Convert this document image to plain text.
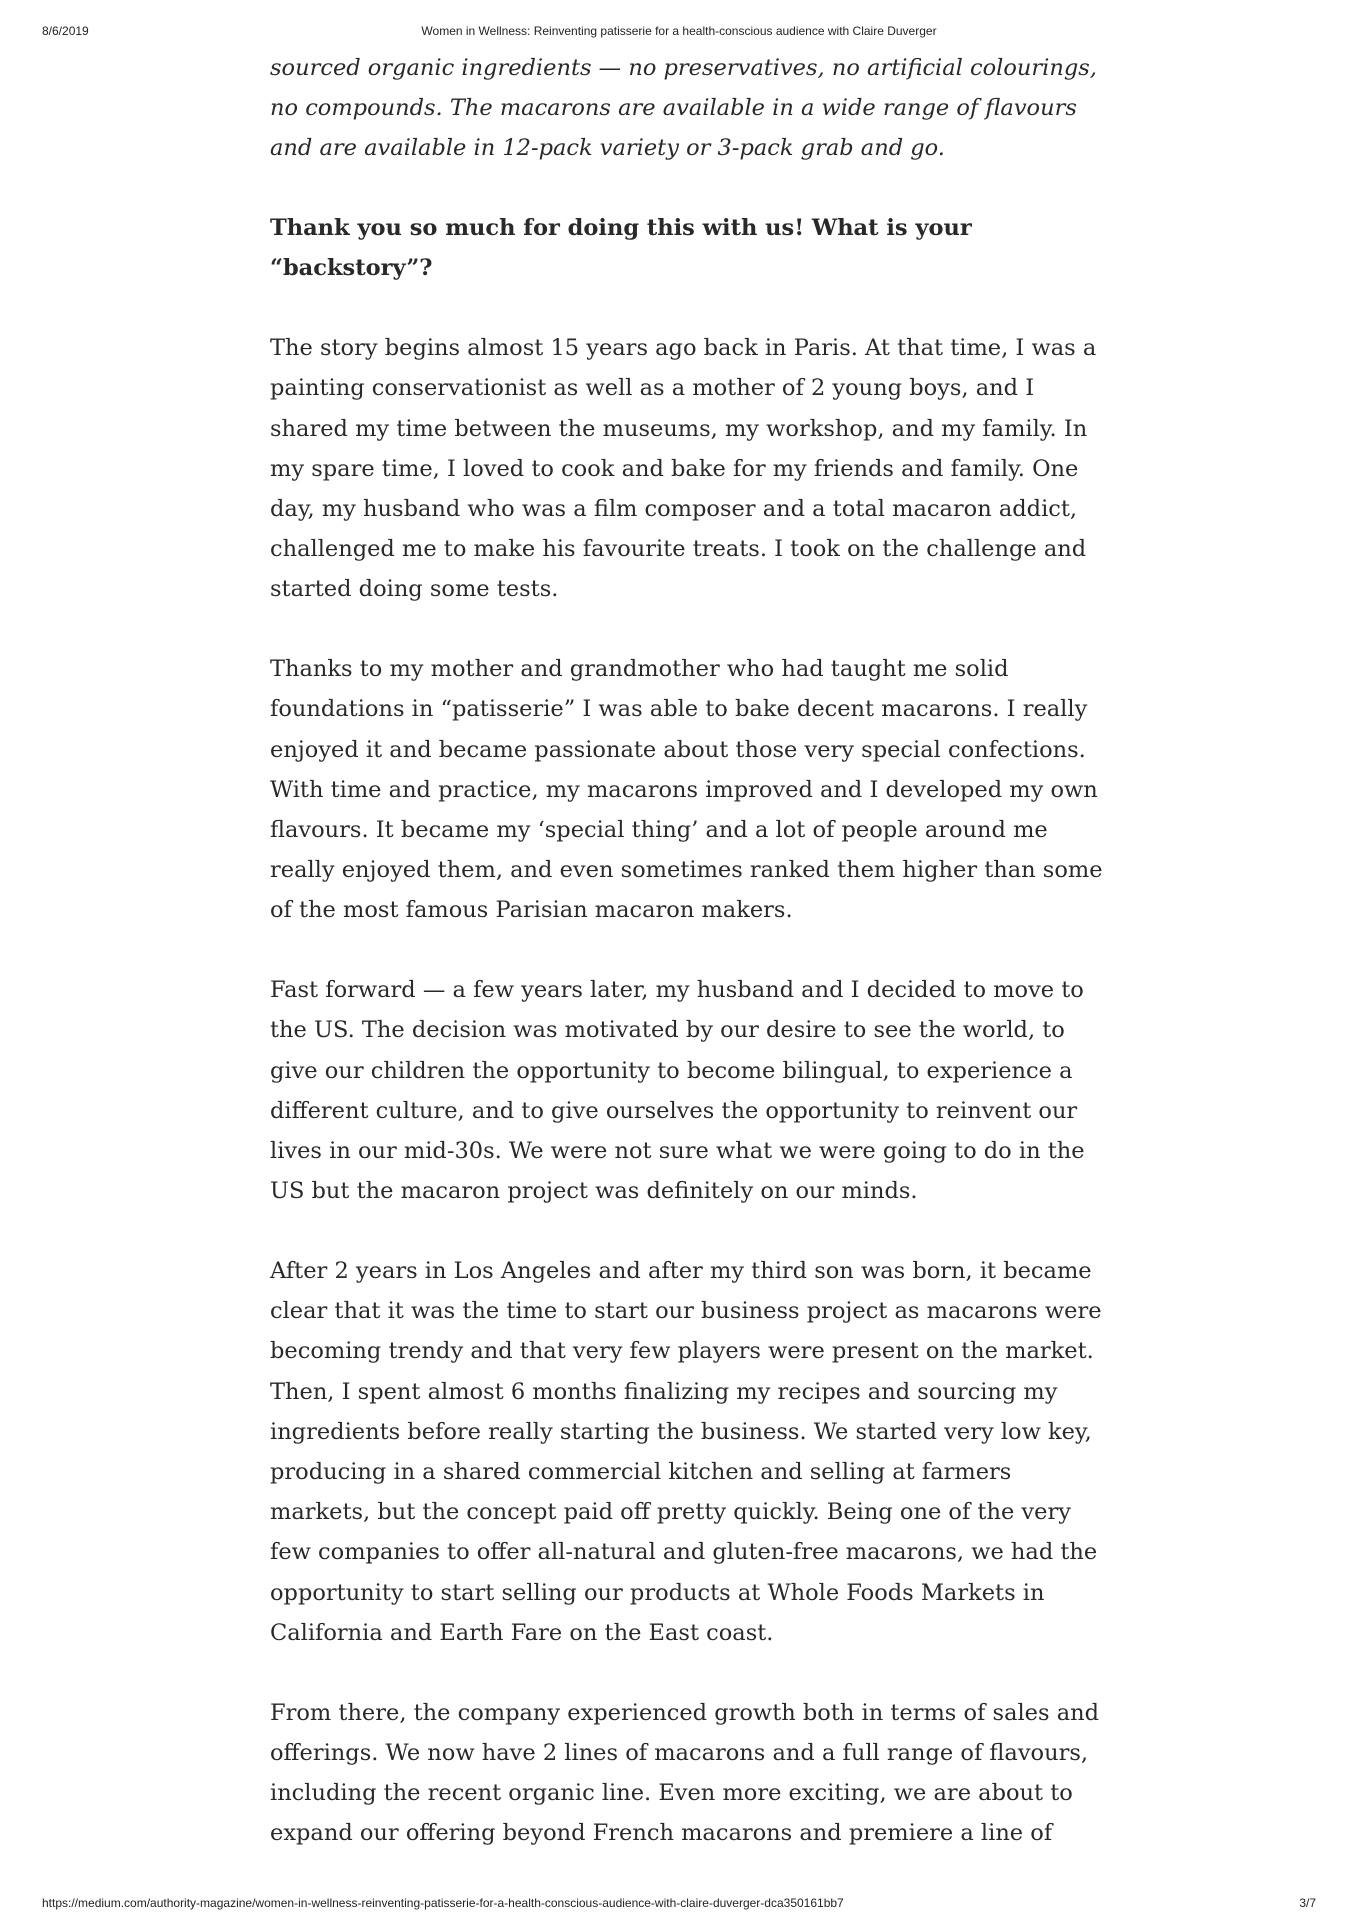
8/6/2019	Women in Wellness: Reinventing patisserie for a health-conscious audience with Claire Duverger

sourced organic ingredients — no preservatives, no artificial colourings, no compounds. The macarons are available in a wide range of flavours and are available in 12-pack variety or 3-pack grab and go.

Thank you so much for doing this with us! What is your “backstory”?

The story begins almost 15 years ago back in Paris. At that time, I was a painting conservationist as well as a mother of 2 young boys, and I shared my time between the museums, my workshop, and my family. In my spare time, I loved to cook and bake for my friends and family. One day, my husband who was a film composer and a total macaron addict, challenged me to make his favourite treats. I took on the challenge and started doing some tests.

Thanks to my mother and grandmother who had taught me solid foundations in “patisserie” I was able to bake decent macarons. I really enjoyed it and became passionate about those very special confections. With time and practice, my macarons improved and I developed my own flavours. It became my ‘special thing’ and a lot of people around me really enjoyed them, and even sometimes ranked them higher than some of the most famous Parisian macaron makers.

Fast forward — a few years later, my husband and I decided to move to the US. The decision was motivated by our desire to see the world, to give our children the opportunity to become bilingual, to experience a different culture, and to give ourselves the opportunity to reinvent our lives in our mid-30s. We were not sure what we were going to do in the US but the macaron project was definitely on our minds.

After 2 years in Los Angeles and after my third son was born, it became clear that it was the time to start our business project as macarons were becoming trendy and that very few players were present on the market. Then, I spent almost 6 months finalizing my recipes and sourcing my ingredients before really starting the business. We started very low key, producing in a shared commercial kitchen and selling at farmers markets, but the concept paid off pretty quickly. Being one of the very few companies to offer all-natural and gluten-free macarons, we had the opportunity to start selling our products at Whole Foods Markets in California and Earth Fare on the East coast.

From there, the company experienced growth both in terms of sales and offerings. We now have 2 lines of macarons and a full range of flavours, including the recent organic line. Even more exciting, we are about to expand our offering beyond French macarons and premiere a line of

https://medium.com/authority-magazine/women-in-wellness-reinventing-patisserie-for-a-health-conscious-audience-with-claire-duverger-dca350161bb7	3/7
